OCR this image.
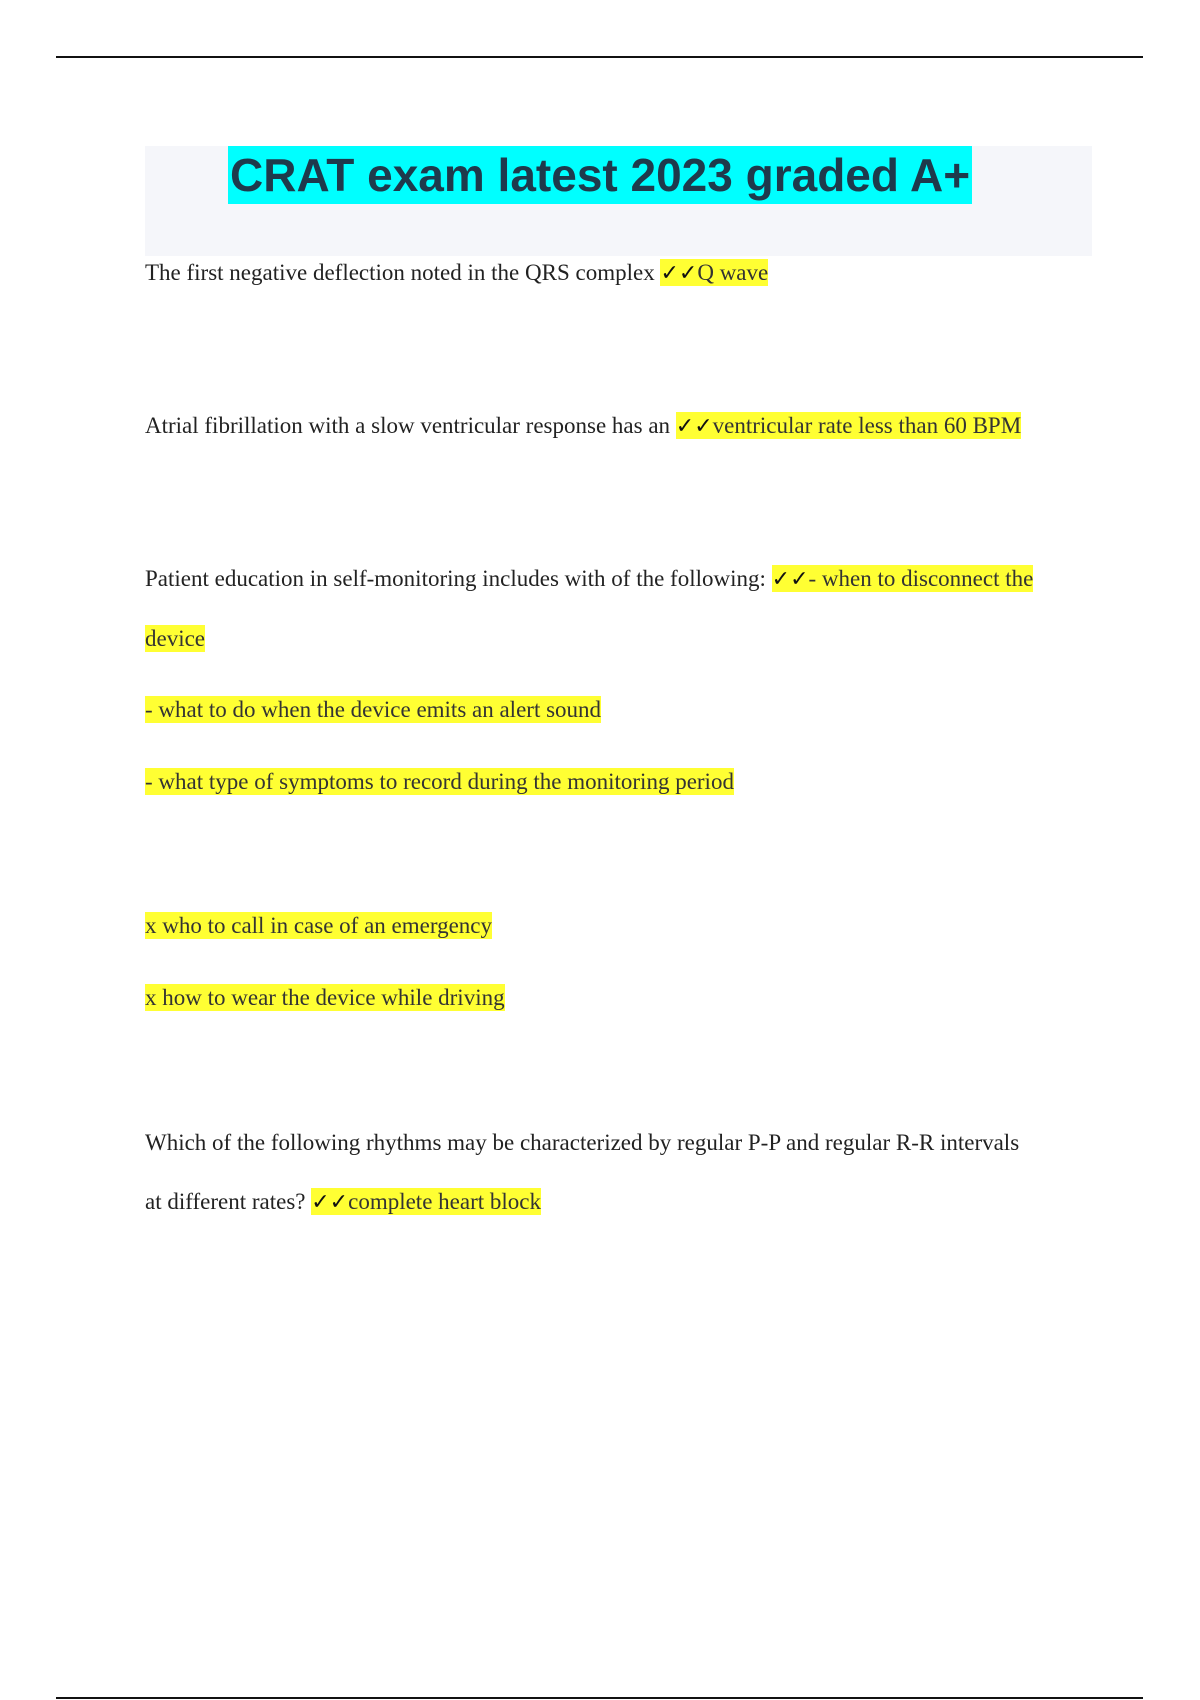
CRAT exam latest 2023 graded A+
The first negative deflection noted in the QRS complex ✓✓Q wave
Atrial fibrillation with a slow ventricular response has an ✓✓ventricular rate less than 60 BPM
Patient education in self-monitoring includes with of the following: ✓✓- when to disconnect the
device
- what to do when the device emits an alert sound
- what type of symptoms to record during the monitoring period
x who to call in case of an emergency
x how to wear the device while driving
Which of the following rhythms may be characterized by regular P-P and regular R-R intervals
at different rates? ✓✓complete heart block
